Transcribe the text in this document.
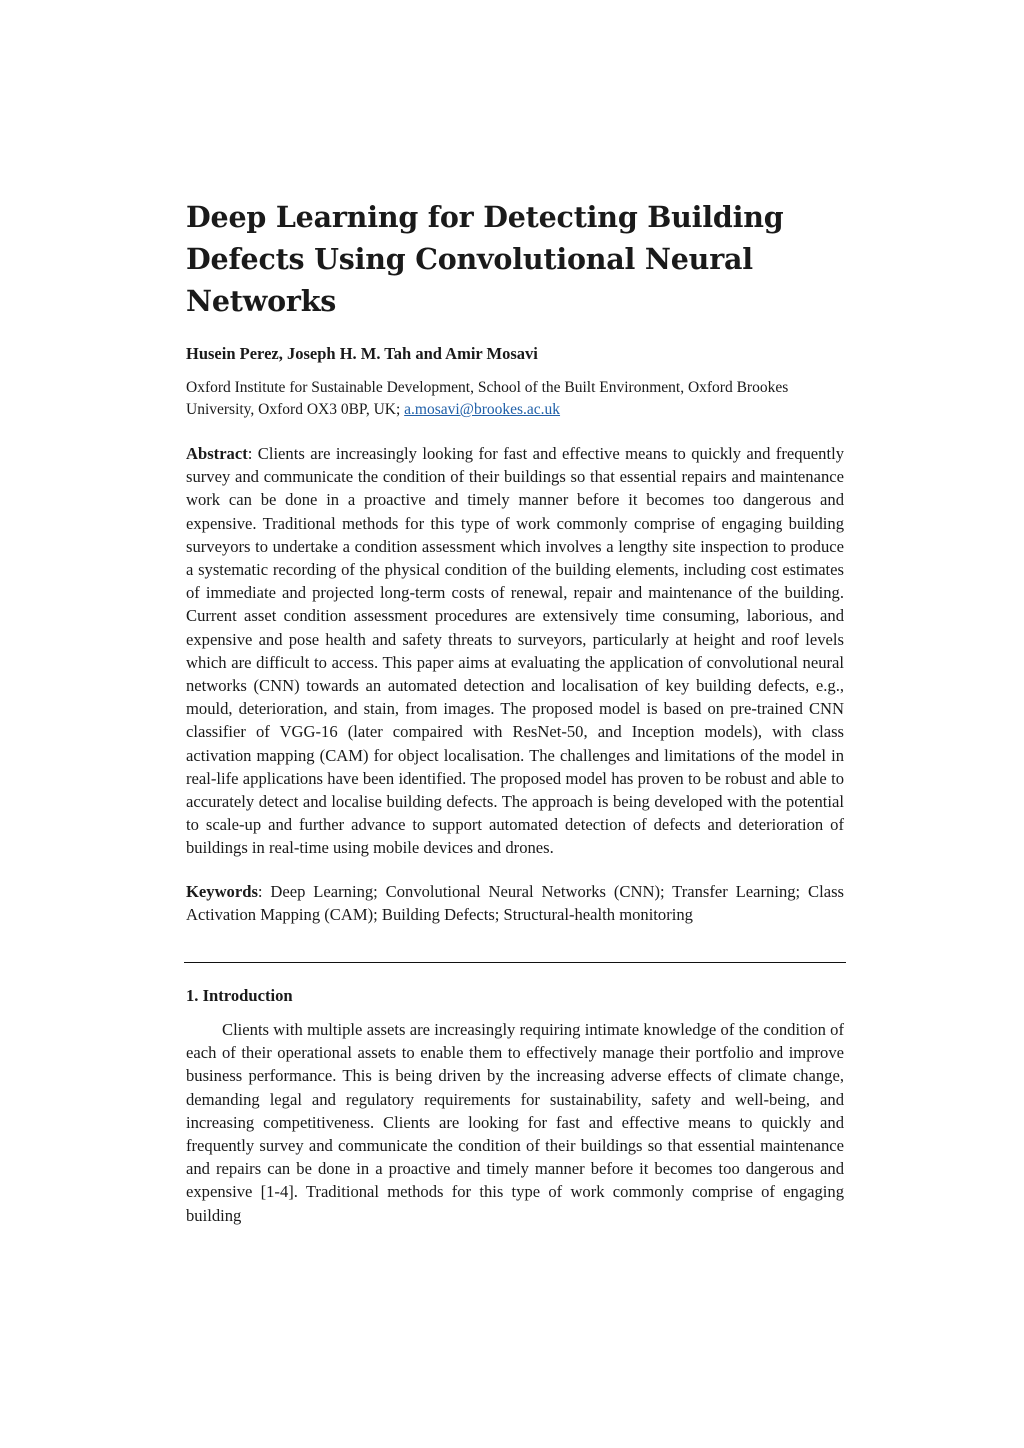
Deep Learning for Detecting Building Defects Using Convolutional Neural Networks

Husein Perez, Joseph H. M. Tah and Amir Mosavi

Oxford Institute for Sustainable Development, School of the Built Environment, Oxford Brookes University, Oxford OX3 0BP, UK; a.mosavi@brookes.ac.uk

Abstract: Clients are increasingly looking for fast and effective means to quickly and frequently survey and communicate the condition of their buildings so that essential repairs and maintenance work can be done in a proactive and timely manner before it becomes too dangerous and expensive. Traditional methods for this type of work commonly comprise of engaging building surveyors to undertake a condition assessment which involves a lengthy site inspection to produce a systematic recording of the physical condition of the building elements, including cost estimates of immediate and projected long-term costs of renewal, repair and maintenance of the building. Current asset condition assessment procedures are extensively time consuming, laborious, and expensive and pose health and safety threats to surveyors, particularly at height and roof levels which are difficult to access. This paper aims at evaluating the application of convolutional neural networks (CNN) towards an automated detection and localisation of key building defects, e.g., mould, deterioration, and stain, from images. The proposed model is based on pre-trained CNN classifier of VGG-16 (later compaired with ResNet-50, and Inception models), with class activation mapping (CAM) for object localisation. The challenges and limitations of the model in real-life applications have been identified. The proposed model has proven to be robust and able to accurately detect and localise building defects. The approach is being developed with the potential to scale-up and further advance to support automated detection of defects and deterioration of buildings in real-time using mobile devices and drones.

Keywords: Deep Learning; Convolutional Neural Networks (CNN); Transfer Learning; Class Activation Mapping (CAM); Building Defects; Structural-health monitoring

1. Introduction

Clients with multiple assets are increasingly requiring intimate knowledge of the condition of each of their operational assets to enable them to effectively manage their portfolio and improve business performance. This is being driven by the increasing adverse effects of climate change, demanding legal and regulatory requirements for sustainability, safety and well-being, and increasing competitiveness. Clients are looking for fast and effective means to quickly and frequently survey and communicate the condition of their buildings so that essential maintenance and repairs can be done in a proactive and timely manner before it becomes too dangerous and expensive [1-4]. Traditional methods for this type of work commonly comprise of engaging building
